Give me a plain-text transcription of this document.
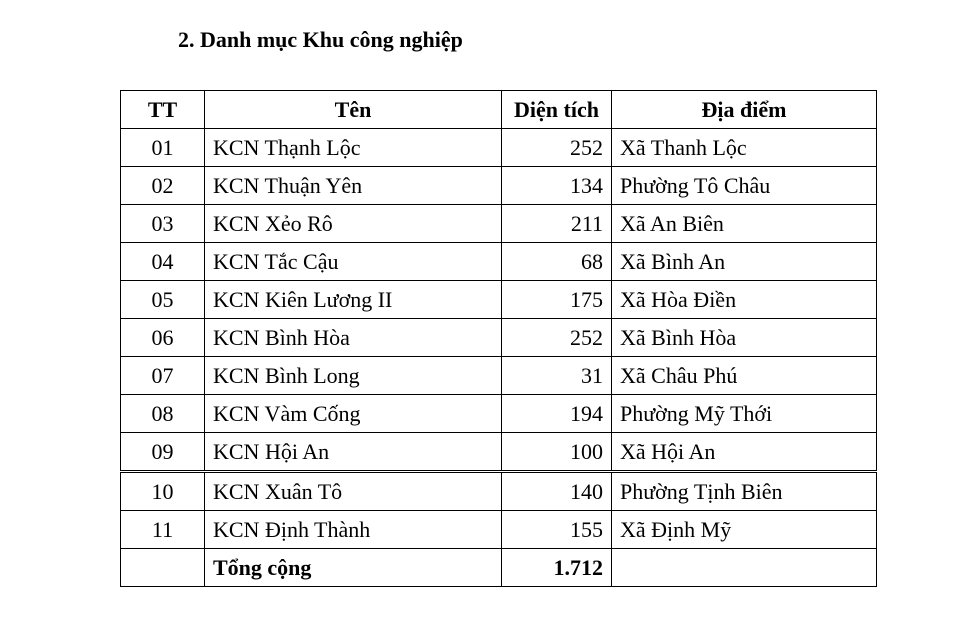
2. Danh mục Khu công nghiệp
TT	Tên	Diện tích	Địa điểm
01	KCN Thạnh Lộc	252	Xã Thanh Lộc
02	KCN Thuận Yên	134	Phường Tô Châu
03	KCN Xẻo Rô	211	Xã An Biên
04	KCN Tắc Cậu	68	Xã Bình An
05	KCN Kiên Lương II	175	Xã Hòa Điền
06	KCN Bình Hòa	252	Xã Bình Hòa
07	KCN Bình Long	31	Xã Châu Phú
08	KCN Vàm Cống	194	Phường Mỹ Thới
09	KCN Hội An	100	Xã Hội An
10	KCN Xuân Tô	140	Phường Tịnh Biên
11	KCN Định Thành	155	Xã Định Mỹ
	Tổng cộng	1.712	
